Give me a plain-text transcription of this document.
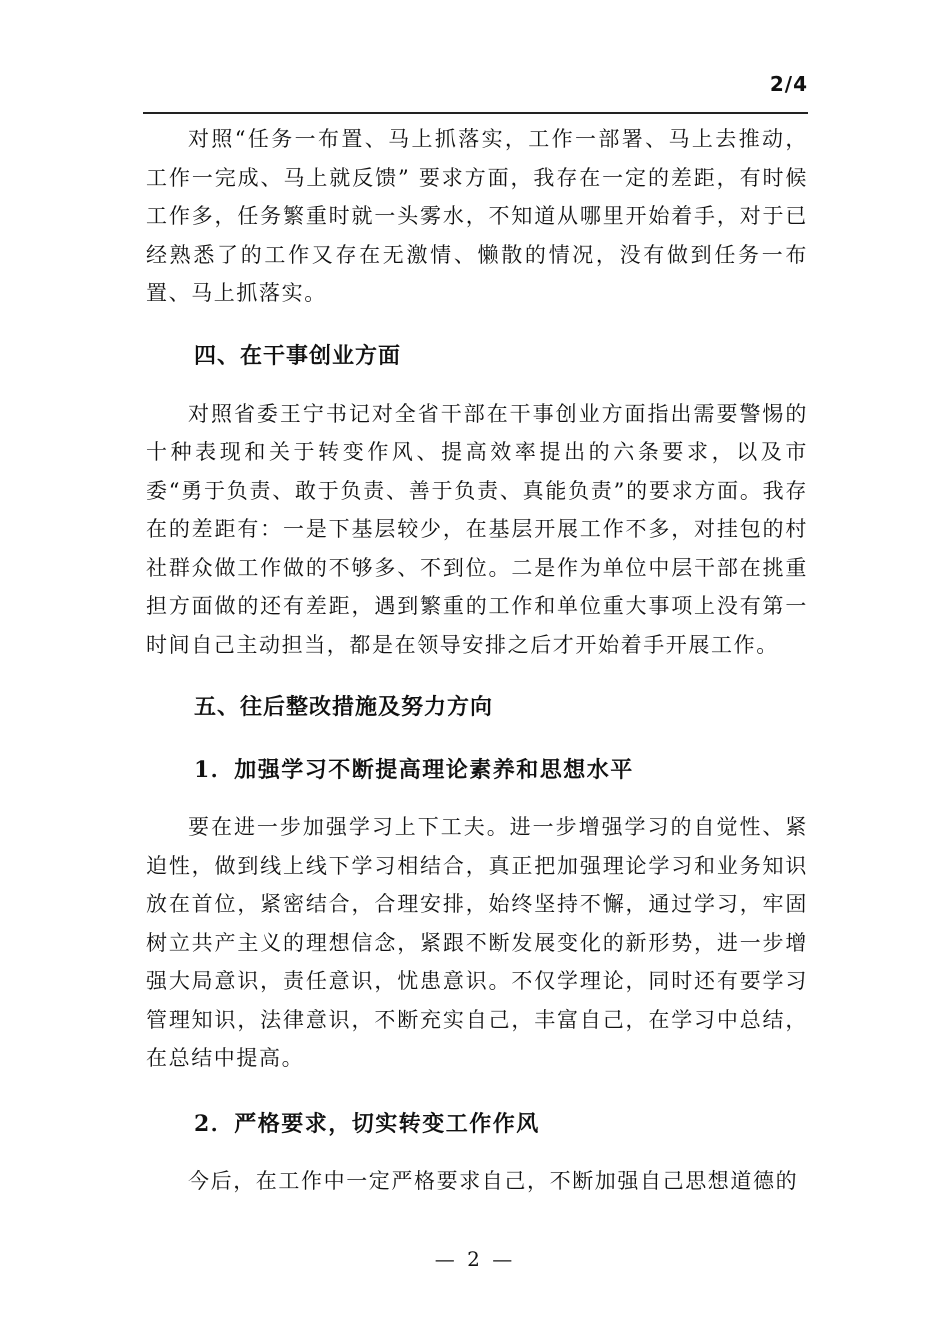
2/4

对照“任务一布置、马上抓落实，工作一部署、马上去推动，工作一完成、马上就反馈” 要求方面，我存在一定的差距，有时候工作多，任务繁重时就一头雾水，不知道从哪里开始着手，对于已经熟悉了的工作又存在无激情、懒散的情况，没有做到任务一布置、马上抓落实。

四、在干事创业方面

对照省委王宁书记对全省干部在干事创业方面指出需要警惕的十种表现和关于转变作风、提高效率提出的六条要求，以及市委“勇于负责、敢于负责、善于负责、真能负责”的要求方面。我存在的差距有：一是下基层较少，在基层开展工作不多，对挂包的村社群众做工作做的不够多、不到位。二是作为单位中层干部在挑重担方面做的还有差距，遇到繁重的工作和单位重大事项上没有第一时间自己主动担当，都是在领导安排之后才开始着手开展工作。

五、往后整改措施及努力方向
1．加强学习不断提高理论素养和思想水平

要在进一步加强学习上下工夫。进一步增强学习的自觉性、紧迫性，做到线上线下学习相结合，真正把加强理论学习和业务知识放在首位，紧密结合，合理安排，始终坚持不懈，通过学习，牢固树立共产主义的理想信念，紧跟不断发展变化的新形势，进一步增强大局意识，责任意识，忧患意识。不仅学理论，同时还有要学习管理知识，法律意识，不断充实自己，丰富自己，在学习中总结，在总结中提高。

2．严格要求，切实转变工作作风

今后，在工作中一定严格要求自己，不断加强自己思想道德的

— 2 —
